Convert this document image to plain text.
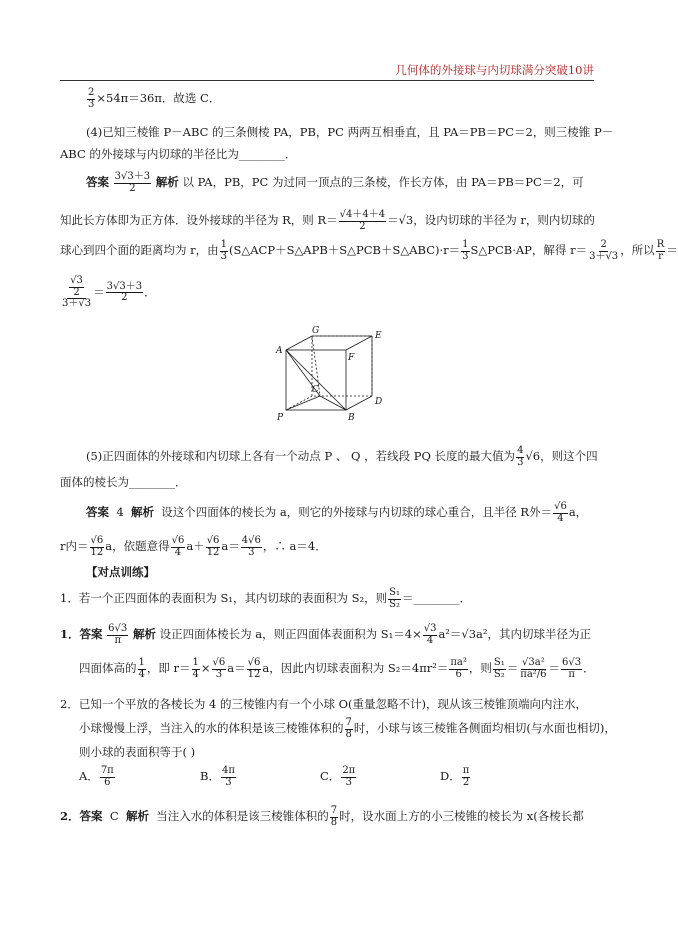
几何体的外接球与内切球满分突破10讲
$\frac{2}{3} \times 54\pi=36\pi$．故选 C．
(4)已知三棱锥 P－ABC 的三条侧棱 PA，PB，PC 两两互相垂直，且 PA＝PB＝PC＝2，则三棱锥 P－
ABC 的外接球与内切球的半径比为________．
答案 $\frac{3√3+3}{2}$ 解析 以 PA，PB，PC 为过同一顶点的三条棱，作长方体，由 PA＝PB＝PC＝2，可
知此长方体即为正方体．设外接球的半径为 R，则 $R= \frac{√4+4+4}{2} =√3$，设内切球的半径为 r，则内切球的
球心到四个面的距离均为 r，由 $\frac{1}{3}$ (S△ACP＋S△APB＋S△PCB＋S△ABC)·r＝ $\frac{1}{3}$ S△PCB·AP，解得 $r= \frac{2}{3+√3}$ ，所以 $\frac{R}{r}$ ＝
$\frac{\frac{√3}{2}}{3+√3} = \frac{3√3+3}{2}$ ．
G	E
A
F
C
D
P	B
(5)正四面体的外接球和内切球上各有一个动点 P 、 Q ，若线段 PQ 长度的最大值为 $\frac{4}{3} √6$，则这个四
面体的棱长为________．
答案 4 解析 设这个四面体的棱长为 a，则它的外接球与内切球的球心重合，且半径 R外＝ $\frac{√6}{4}$ a，
r内＝ $\frac{√6}{12}$ a，依题意得 $\frac{√6}{4} a+ \frac{√6}{12} a= \frac{4√6}{3}$ ，∴ a＝4．
【对点训练】
1．若一个正四面体的表面积为 S₁，其内切球的表面积为 S₂，则 $\frac{\text{S₁}}{\text{S₂}}$ ＝________．
1．答案 $\frac{6√3}{\pi}$ 解析 设正四面体棱长为 a，则正四面体表面积为 $S_1=4\times \frac{√3}{4} a^2=√3a^2$，其内切球半径为正
四面体高的 $\frac{1}{4}$ ，即 $r= \frac{1}{4} \times \frac{√6}{3} a= \frac{√6}{12}$ a，因此内切球表面积为 $S_2=4\pi r^2= \frac{\text{πa²}}{6}$ ，则 $\frac{\text{S₁}}{\text{S₂}} = \frac{\text{√3a²}}{\text{πa²/6}} = \frac{6√3}{\pi}$ ．
2．已知一个平放的各棱长为 4 的三棱锥内有一个小球 O(重量忽略不计)，现从该三棱锥顶端向内注水，
小球慢慢上浮，当注入的水的体积是该三棱锥体积的 $\frac{7}{8}$ 时，小球与该三棱锥各侧面均相切(与水面也相切)，
则小球的表面积等于( )
A． $\frac{7\pi}{6}$	B． $\frac{4\pi}{3}$	C． $\frac{2\pi}{3}$	D． $\frac{\pi}{2}$
2．答案 C 解析 当注入水的体积是该三棱锥体积的 $\frac{7}{8}$ 时，设水面上方的小三棱锥的棱长为 x(各棱长都
